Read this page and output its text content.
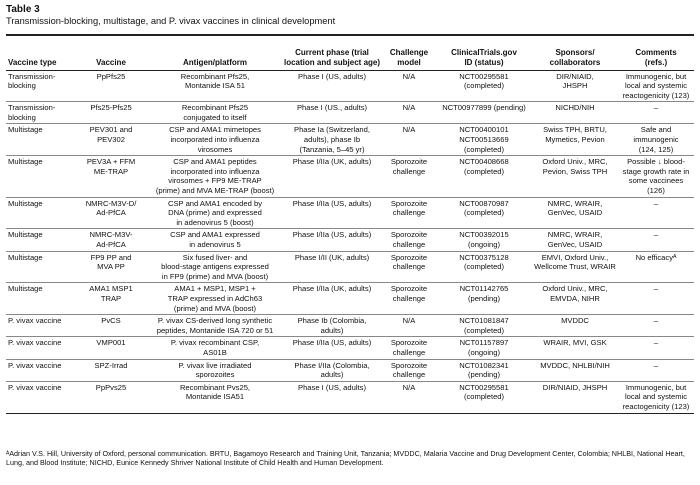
Table 3
Transmission-blocking, multistage, and P. vivax vaccines in clinical development
Vaccine type	Vaccine	Antigen/platform	Current phase (trial
location and subject age)	Challenge
model	ClinicalTrials.gov
ID (status)	Sponsors/
collaborators	Comments
(refs.)

Transmission-
blocking	PpPfs25	Recombinant Pfs25,
Montanide ISA 51	Phase I (US, adults)	N/A	NCT00295581
(completed)	DIR/NIAID,
JHSPH	Immunogenic, but
local and systemic
reactogenicity (123)

Transmission-
blocking	Pfs25-Pfs25	Recombinant Pfs25
conjugated to itself	Phase I (US., adults)	N/A	NCT00977899 (pending)	NICHD/NIH	–

Multistage	PEV301 and
PEV302	CSP and AMA1 mimetopes
incorporated into influenza
virosomes	Phase Ia (Switzerland,
adults), phase Ib
(Tanzania, 5–45 yr)	N/A	NCT00400101
NCT00513669
(completed)	Swiss TPH, BRTU,
Mymetics, Pevion	Safe and
immunogenic
(124, 125)

Multistage	PEV3A + FFM
ME-TRAP	CSP and AMA1 peptides
incorporated into influenza
virosomes + FP9 ME-TRAP
(prime) and MVA ME-TRAP (boost)	Phase I/IIa (UK, adults)	Sporozoite
challenge	NCT00408668
(completed)	Oxford Univ., MRC,
Pevion, Swiss TPH	Possible ↓ blood-
stage growth rate in
some vaccinees (126)

Multistage	NMRC-M3V-D/
Ad-PfCA	CSP and AMA1 encoded by
DNA (prime) and expressed
in adenovirus 5 (boost)	Phase I/IIa (US, adults)	Sporozoite
challenge	NCT00870987
(completed)	NMRC, WRAIR,
GenVec, USAID	–

Multistage	NMRC-M3V-
Ad-PfCA	CSP and AMA1 expressed
in adenovirus 5	Phase I/IIa (US, adults)	Sporozoite
challenge	NCT00392015
(ongoing)	NMRC, WRAIR,
GenVec, USAID	–

Multistage	FP9 PP and
MVA PP	Six fused liver- and
blood-stage antigens expressed
in FP9 (prime) and MVA (boost)	Phase I/II (UK, adults)	Sporozoite
challenge	NCT00375128
(completed)	EMVI, Oxford Univ.,
Wellcome Trust, WRAIR	No efficacyᴬ

Multistage	AMA1 MSP1
TRAP	AMA1 + MSP1, MSP1 +
TRAP expressed in AdCh63
(prime) and MVA (boost)	Phase I/IIa (UK, adults)	Sporozoite
challenge	NCT01142765
(pending)	Oxford Univ., MRC,
EMVDA, NIHR	–

P. vivax vaccine	PvCS	P. vivax CS-derived long synthetic
peptides, Montanide ISA 720 or 51	Phase Ib (Colombia,
adults)	N/A	NCT01081847
(completed)	MVDDC	–

P. vivax vaccine	VMP001	P. vivax recombinant CSP,
AS01B	Phase I/IIa (US, adults)	Sporozoite
challenge	NCT01157897
(ongoing)	WRAIR, MVI, GSK	–

P. vivax vaccine	SPZ-Irrad	P. vivax live irradiated
sporozoites	Phase I/IIa (Colombia,
adults)	Sporozoite
challenge	NCT01082341
(pending)	MVDDC, NHLBI/NIH	–

P. vivax vaccine	PpPvs25	Recombinant Pvs25,
Montanide ISA51	Phase I (US, adults)	N/A	NCT00295581
(completed)	DIR/NIAID, JHSPH	Immunogenic, but
local and systemic
reactogenicity (123)
ᴬAdrian V.S. Hill, University of Oxford, personal communication. BRTU, Bagamoyo Research and Training Unit, Tanzania; MVDDC, Malaria Vaccine and Drug Development Center, Colombia; NHLBI, National Heart, Lung, and Blood Institute; NICHD, Eunice Kennedy Shriver National Institute of Child Health and Human Development.
